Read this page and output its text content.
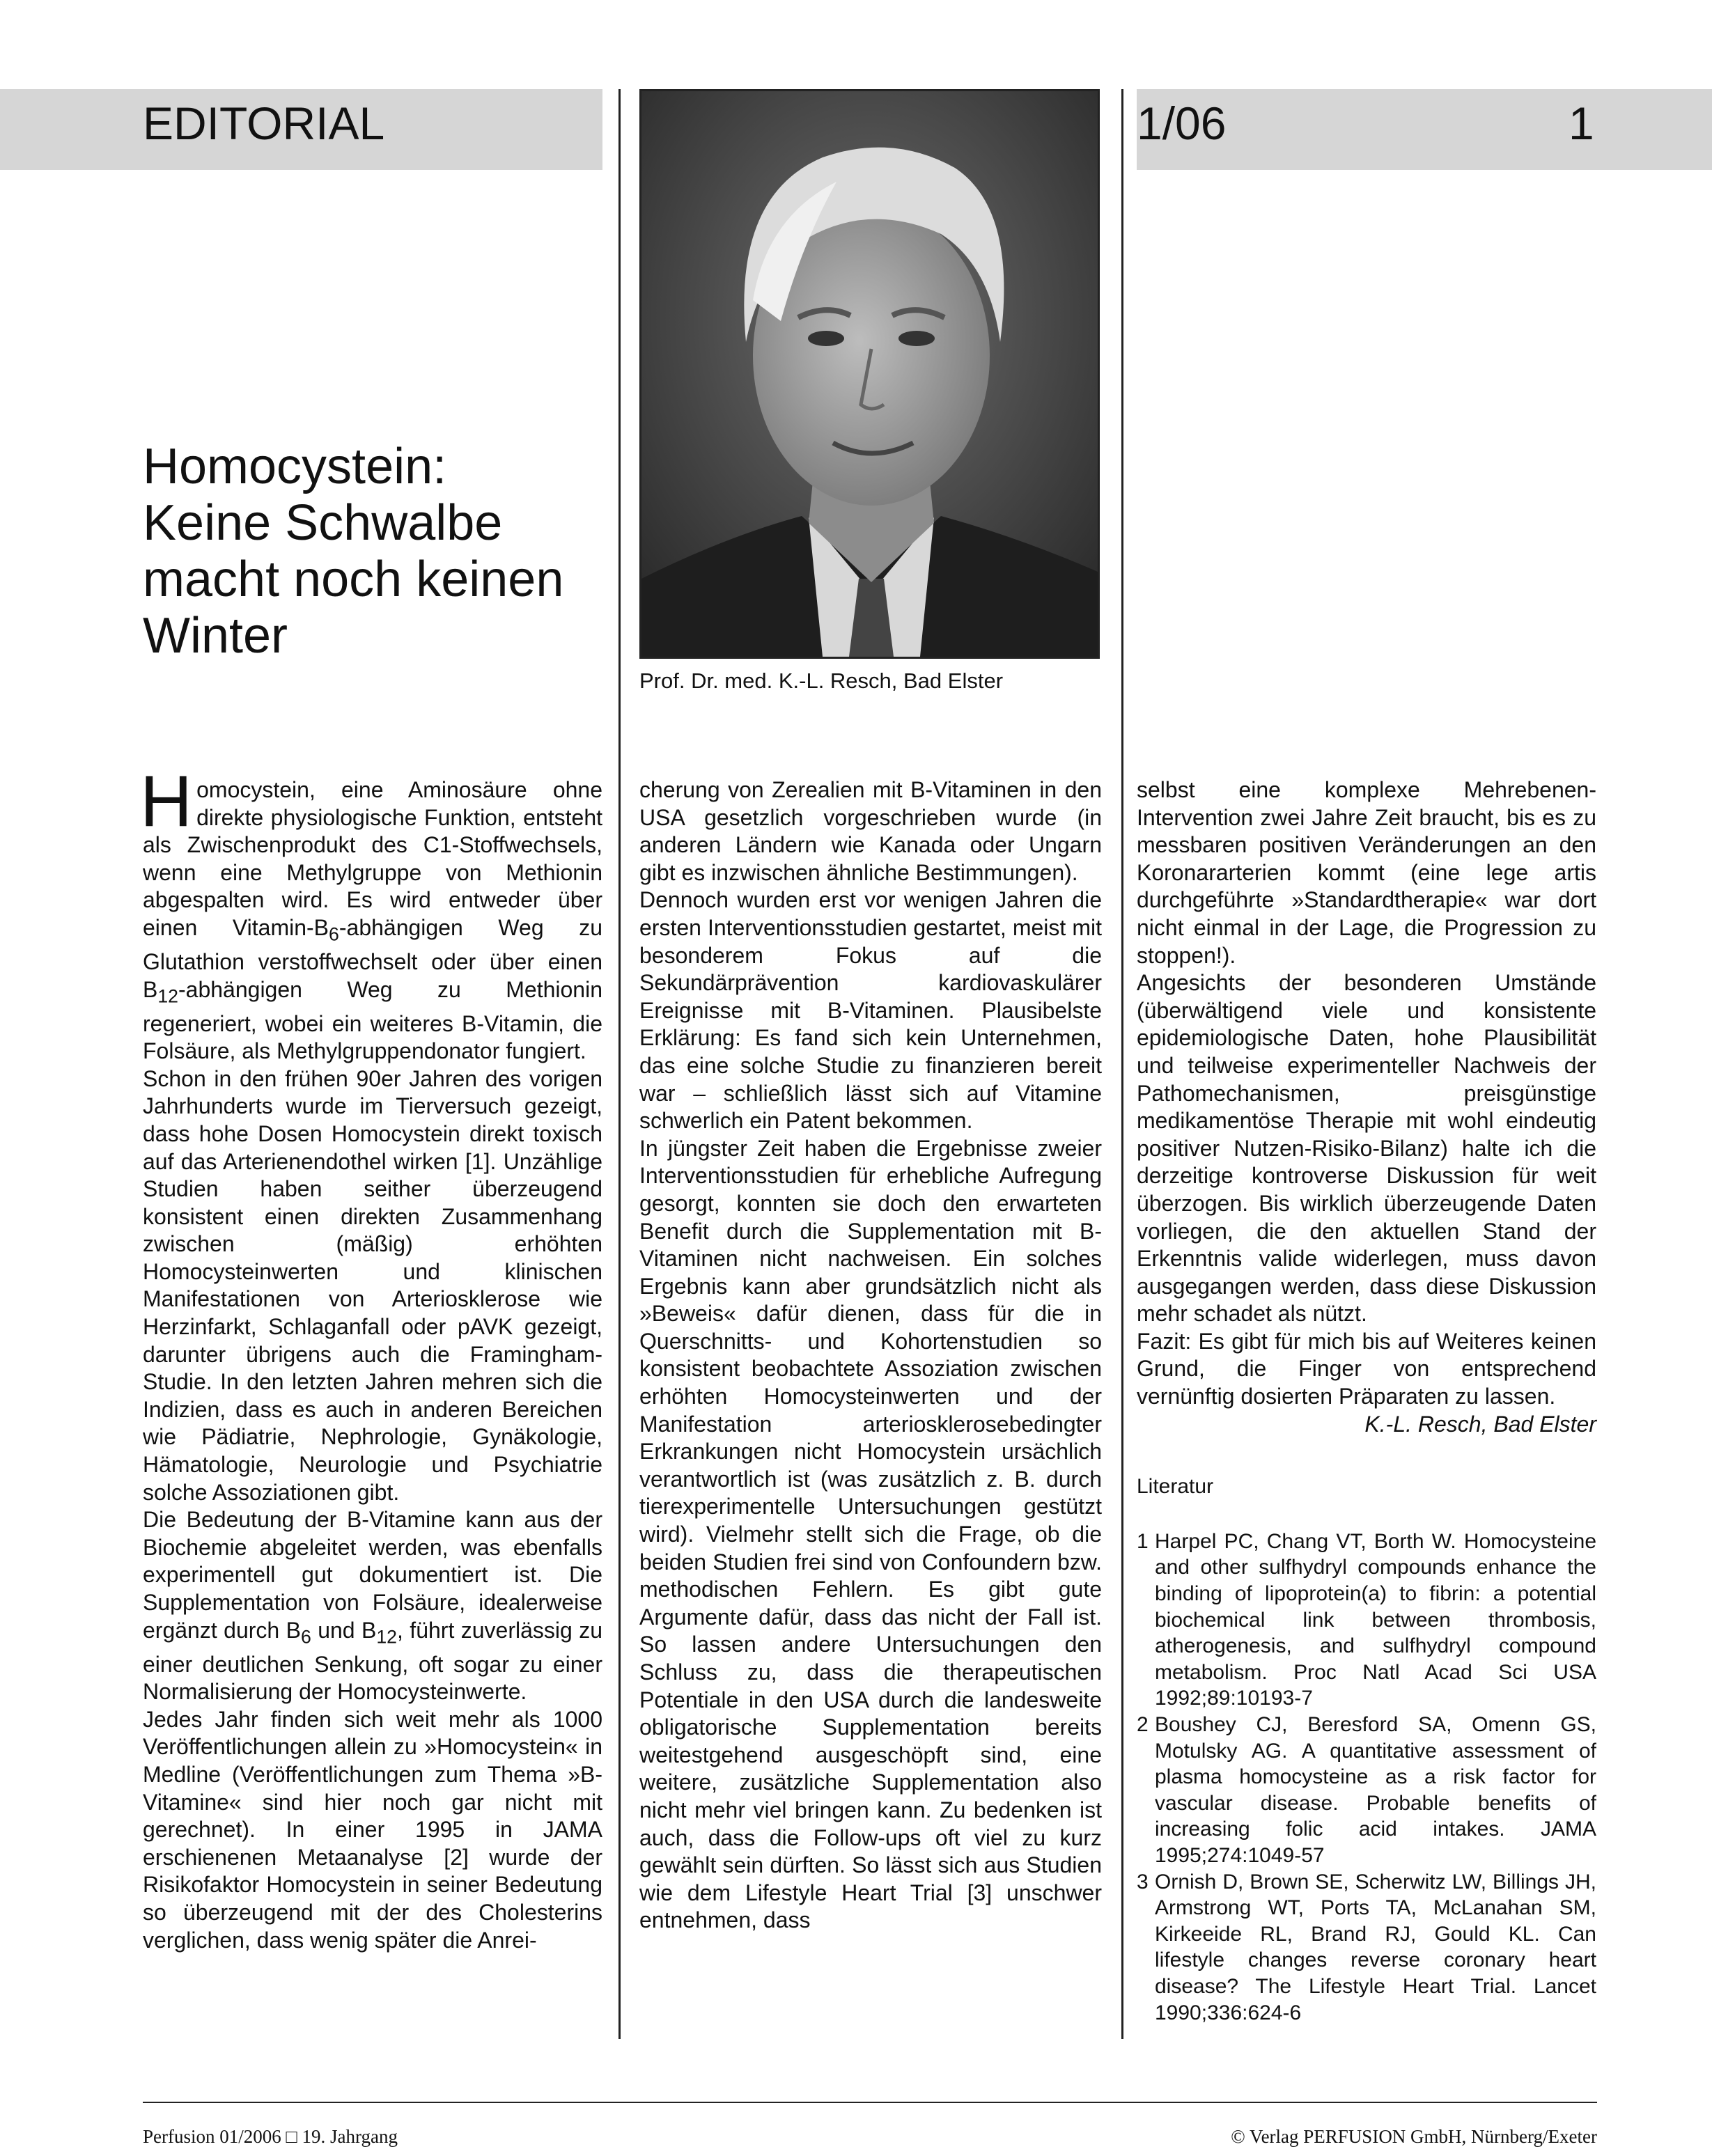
EDITORIAL	1/06	1
Prof. Dr. med. K.-L. Resch, Bad Elster
Homocystein:
Keine Schwalbe
macht noch keinen
Winter

Homocystein, eine Aminosäure ohne direkte physiologische Funktion, entsteht als Zwischenprodukt des C1-Stoffwechsels, wenn eine Methylgruppe von Methionin abgespalten wird. Es wird entweder über einen Vitamin-$B_6$-abhängigen Weg zu Glutathion verstoffwechselt oder über einen $B_{12}$-abhängigen Weg zu Methionin regeneriert, wobei ein weiteres B-Vitamin, die Folsäure, als Methylgruppendonator fungiert.

Schon in den frühen 90er Jahren des vorigen Jahrhunderts wurde im Tierversuch gezeigt, dass hohe Dosen Homocystein direkt toxisch auf das Arterienendothel wirken [1]. Unzählige Studien haben seither überzeugend konsistent einen direkten Zusammenhang zwischen (mäßig) erhöhten Homocysteinwerten und klinischen Manifestationen von Arteriosklerose wie Herzinfarkt, Schlaganfall oder pAVK gezeigt, darunter übrigens auch die Framingham-Studie. In den letzten Jahren mehren sich die Indizien, dass es auch in anderen Bereichen wie Pädiatrie, Nephrologie, Gynäkologie, Hämatologie, Neurologie und Psychiatrie solche Assoziationen gibt.

Die Bedeutung der B-Vitamine kann aus der Biochemie abgeleitet werden, was ebenfalls experimentell gut dokumentiert ist. Die Supplementation von Folsäure, idealerweise ergänzt durch $B_6$ und $B_{12}$, führt zuverlässig zu einer deutlichen Senkung, oft sogar zu einer Normalisierung der Homocysteinwerte.

Jedes Jahr finden sich weit mehr als 1000 Veröffentlichungen allein zu »Homocystein« in Medline (Veröffentlichungen zum Thema »B-Vitamine« sind hier noch gar nicht mit gerechnet). In einer 1995 in JAMA erschienenen Metaanalyse [2] wurde der Risikofaktor Homocystein in seiner Bedeutung so überzeugend mit der des Cholesterins verglichen, dass wenig später die Anrei-

cherung von Zerealien mit B-Vitaminen in den USA gesetzlich vorgeschrieben wurde (in anderen Ländern wie Kanada oder Ungarn gibt es inzwischen ähnliche Bestimmungen).

Dennoch wurden erst vor wenigen Jahren die ersten Interventionsstudien gestartet, meist mit besonderem Fokus auf die Sekundärprävention kardiovaskulärer Ereignisse mit B-Vitaminen. Plausibelste Erklärung: Es fand sich kein Unternehmen, das eine solche Studie zu finanzieren bereit war – schließlich lässt sich auf Vitamine schwerlich ein Patent bekommen.

In jüngster Zeit haben die Ergebnisse zweier Interventionsstudien für erhebliche Aufregung gesorgt, konnten sie doch den erwarteten Benefit durch die Supplementation mit B-Vitaminen nicht nachweisen. Ein solches Ergebnis kann aber grundsätzlich nicht als »Beweis« dafür dienen, dass für die in Querschnitts- und Kohortenstudien so konsistent beobachtete Assoziation zwischen erhöhten Homocysteinwerten und der Manifestation arteriosklerosebedingter Erkrankungen nicht Homocystein ursächlich verantwortlich ist (was zusätzlich z. B. durch tierexperimentelle Untersuchungen gestützt wird). Vielmehr stellt sich die Frage, ob die beiden Studien frei sind von Confoundern bzw. methodischen Fehlern. Es gibt gute Argumente dafür, dass das nicht der Fall ist. So lassen andere Untersuchungen den Schluss zu, dass die therapeutischen Potentiale in den USA durch die landesweite obligatorische Supplementation bereits weitestgehend ausgeschöpft sind, eine weitere, zusätzliche Supplementation also nicht mehr viel bringen kann. Zu bedenken ist auch, dass die Follow-ups oft viel zu kurz gewählt sein dürften. So lässt sich aus Studien wie dem Lifestyle Heart Trial [3] unschwer entnehmen, dass

selbst eine komplexe Mehrebenen-Intervention zwei Jahre Zeit braucht, bis es zu messbaren positiven Veränderungen an den Koronararterien kommt (eine lege artis durchgeführte »Standardtherapie« war dort nicht einmal in der Lage, die Progression zu stoppen!).

Angesichts der besonderen Umstände (überwältigend viele und konsistente epidemiologische Daten, hohe Plausibilität und teilweise experimenteller Nachweis der Pathomechanismen, preisgünstige medikamentöse Therapie mit wohl eindeutig positiver Nutzen-Risiko-Bilanz) halte ich die derzeitige kontroverse Diskussion für weit überzogen. Bis wirklich überzeugende Daten vorliegen, die den aktuellen Stand der Erkenntnis valide widerlegen, muss davon ausgegangen werden, dass diese Diskussion mehr schadet als nützt.

Fazit: Es gibt für mich bis auf Weiteres keinen Grund, die Finger von entsprechend vernünftig dosierten Präparaten zu lassen.

K.-L. Resch, Bad Elster

Literatur
1 Harpel PC, Chang VT, Borth W. Homocysteine and other sulfhydryl compounds enhance the binding of lipoprotein(a) to fibrin: a potential biochemical link between thrombosis, atherogenesis, and sulfhydryl compound metabolism. Proc Natl Acad Sci USA 1992;89:10193-7
2 Boushey CJ, Beresford SA, Omenn GS, Motulsky AG. A quantitative assessment of plasma homocysteine as a risk factor for vascular disease. Probable benefits of increasing folic acid intakes. JAMA 1995;274:1049-57
3 Ornish D, Brown SE, Scherwitz LW, Billings JH, Armstrong WT, Ports TA, McLanahan SM, Kirkeeide RL, Brand RJ, Gould KL. Can lifestyle changes reverse coronary heart disease? The Lifestyle Heart Trial. Lancet 1990;336:624-6
Perfusion 01/2006 □ 19. Jahrgang	© Verlag PERFUSION GmbH, Nürnberg/Exeter
